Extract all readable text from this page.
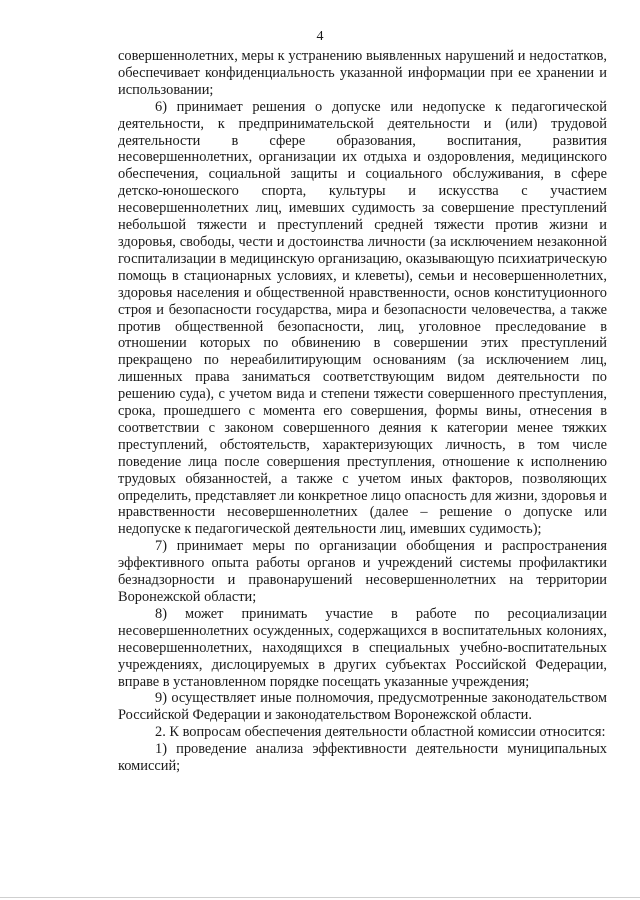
4

совершеннолетних, меры к устранению выявленных нарушений и недостатков, обеспечивает конфиденциальность указанной информации при ее хранении и использовании;

6) принимает решения о допуске или недопуске к педагогической деятельности, к предпринимательской деятельности и (или) трудовой деятельности в сфере образования, воспитания, развития несовершеннолетних, организации их отдыха и оздоровления, медицинского обеспечения, социальной защиты и социального обслуживания, в сфере детско-юношеского спорта, культуры и искусства с участием несовершеннолетних лиц, имевших судимость за совершение преступлений небольшой тяжести и преступлений средней тяжести против жизни и здоровья, свободы, чести и достоинства личности (за исключением незаконной госпитализации в медицинскую организацию, оказывающую психиатрическую помощь в стационарных условиях, и клеветы), семьи и несовершеннолетних, здоровья населения и общественной нравственности, основ конституционного строя и безопасности государства, мира и безопасности человечества, а также против общественной безопасности, лиц, уголовное преследование в отношении которых по обвинению в совершении этих преступлений прекращено по нереабилитирующим основаниям (за исключением лиц, лишенных права заниматься соответствующим видом деятельности по решению суда), с учетом вида и степени тяжести совершенного преступления, срока, прошедшего с момента его совершения, формы вины, отнесения в соответствии с законом совершенного деяния к категории менее тяжких преступлений, обстоятельств, характеризующих личность, в том числе поведение лица после совершения преступления, отношение к исполнению трудовых обязанностей, а также с учетом иных факторов, позволяющих определить, представляет ли конкретное лицо опасность для жизни, здоровья и нравственности несовершеннолетних (далее – решение о допуске или недопуске к педагогической деятельности лиц, имевших судимость);

7) принимает меры по организации обобщения и распространения эффективного опыта работы органов и учреждений системы профилактики безнадзорности и правонарушений несовершеннолетних на территории Воронежской области;

8) может принимать участие в работе по ресоциализации несовершеннолетних осужденных, содержащихся в воспитательных колониях, несовершеннолетних, находящихся в специальных учебно-воспитательных учреждениях, дислоцируемых в других субъектах Российской Федерации, вправе в установленном порядке посещать указанные учреждения;

9) осуществляет иные полномочия, предусмотренные законодательством Российской Федерации и законодательством Воронежской области.

2. К вопросам обеспечения деятельности областной комиссии относится:

1) проведение анализа эффективности деятельности муниципальных комиссий;
